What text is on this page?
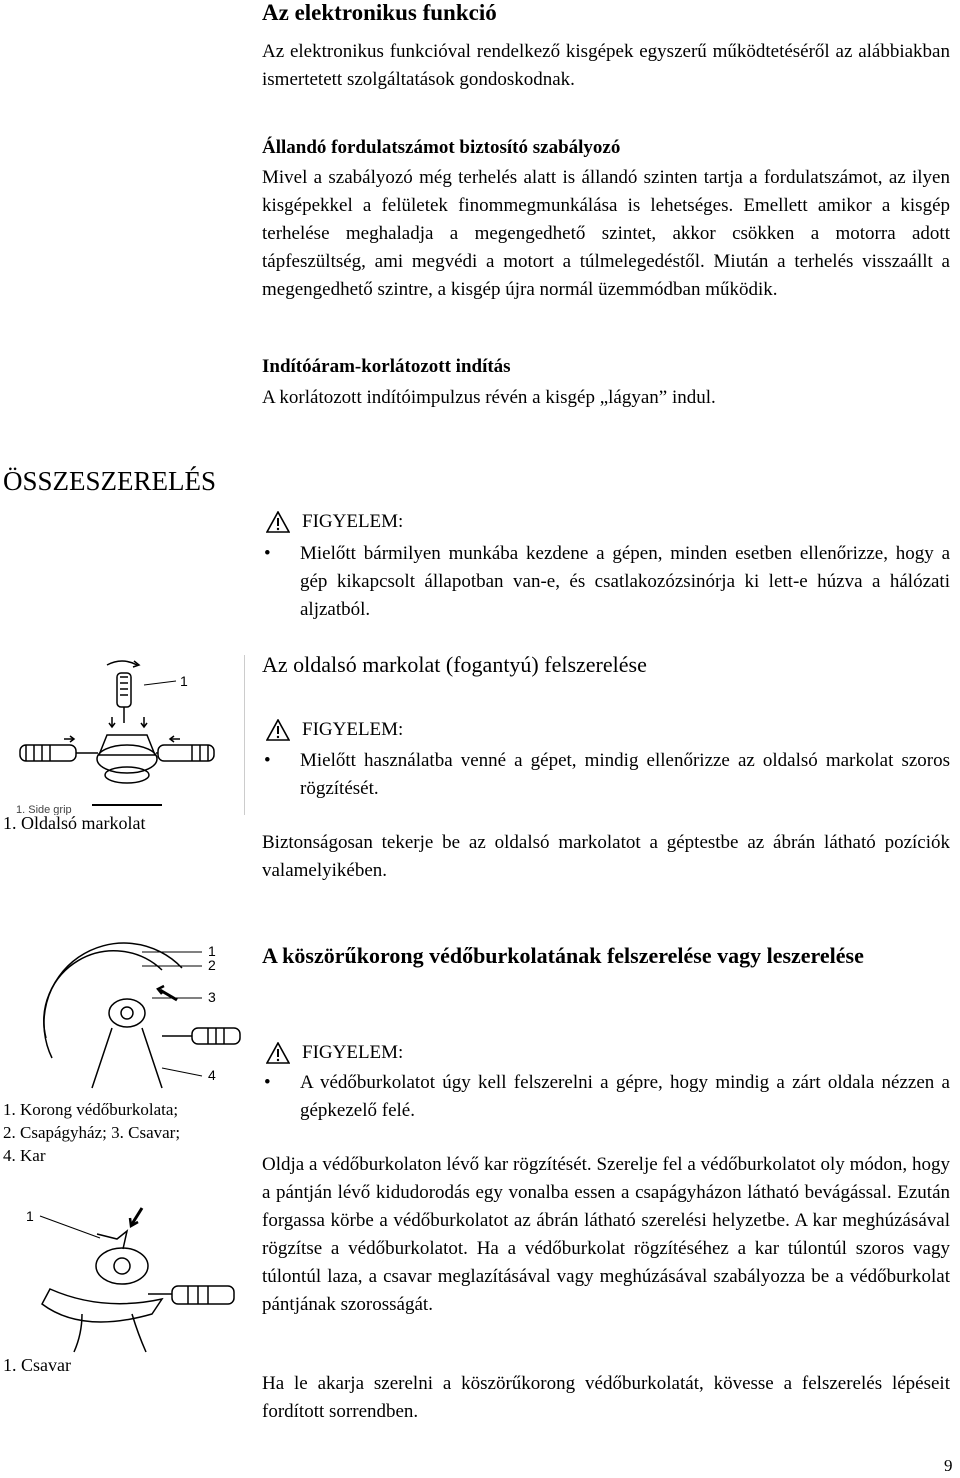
Az elektronikus funkció
Az elektronikus funkcióval rendelkező kisgépek egyszerű működtetéséről az alábbiakban ismertetett szolgáltatások gondoskodnak.
Állandó fordulatszámot biztosító szabályozó
Mivel a szabályozó még terhelés alatt is állandó szinten tartja a fordulatszámot, az ilyen kisgépekkel a felületek finommegmunkálása is lehetséges. Emellett amikor a kisgép terhelése meghaladja a megengedhető szintet, akkor csökken a motorra adott tápfeszültség, ami megvédi a motort a túlmelegedéstől. Miután a terhelés visszaállt a megengedhető szintre, a kisgép újra normál üzemmódban működik.
Indítóáram-korlátozott indítás
A korlátozott indítóimpulzus révén a kisgép „lágyan” indul.
ÖSSZESZERELÉS
FIGYELEM:
•	Mielőtt bármilyen munkába kezdene a gépen, minden esetben ellenőrizze, hogy a gép kikapcsolt állapotban van-e, és csatlakozózsinórja ki lett-e húzva a hálózati aljzatból.
1
1. Side grip
1. Oldalsó markolat
Az oldalsó markolat (fogantyú) felszerelése
FIGYELEM:
•	Mielőtt használatba venné a gépet, mindig ellenőrizze az oldalsó markolat szoros rögzítését.
Biztonságosan tekerje be az oldalsó markolatot a géptestbe az ábrán látható pozíciók valamelyikében.
1
2
3
4
1. Korong védőburkolata;
2. Csapágyház; 3. Csavar;
4. Kar
1
1. Csavar
A köszörűkorong védőburkolatának felszerelése vagy leszerelése
FIGYELEM:
•	A védőburkolatot úgy kell felszerelni a gépre, hogy mindig a zárt oldala nézzen a gépkezelő felé.
Oldja a védőburkolaton lévő kar rögzítését. Szerelje fel a védőburkolatot oly módon, hogy a pántján lévő kidudorodás egy vonalba essen a csapágyházon látható bevágással. Ezután forgassa körbe a védőburkolatot az ábrán látható szerelési helyzetbe. A kar meghúzásával rögzítse a védőburkolatot. Ha a védőburkolat rögzítéséhez a kar túlontúl szoros vagy túlontúl laza, a csavar meglazításával vagy meghúzásával szabályozza be a védőburkolat pántjának szorosságát.
Ha le akarja szerelni a köszörűkorong védőburkolatát, kövesse a felszerelés lépéseit fordított sorrendben.
9
